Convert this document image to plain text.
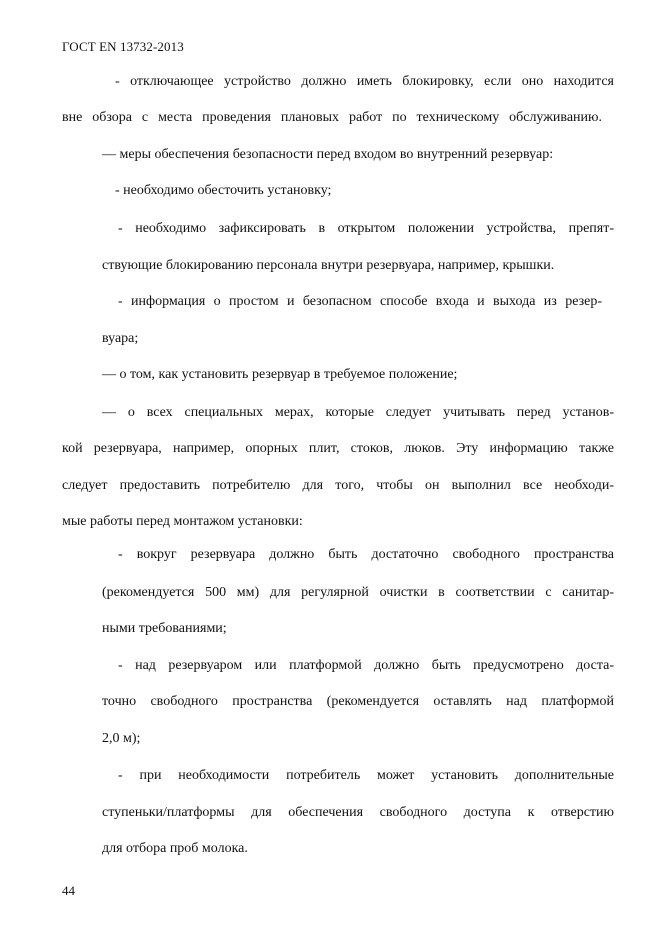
ГОСТ EN 13732-2013
- отключающее устройство должно иметь блокировку, если оно находится
вне обзора с места проведения плановых работ по техническому обслуживанию.
— меры обеспечения безопасности перед входом во внутренний резервуар:
- необходимо обесточить установку;
- необходимо зафиксировать в открытом положении устройства, препят-
ствующие блокированию персонала внутри резервуара, например, крышки.
- информация о простом и безопасном способе входа и выхода из резер-
вуара;
— о том, как установить резервуар в требуемое положение;
— о всех специальных мерах, которые следует учитывать перед установ-
кой резервуара, например, опорных плит, стоков, люков. Эту информацию также
следует предоставить потребителю для того, чтобы он выполнил все необходи-
мые работы перед монтажом установки:
- вокруг резервуара должно быть достаточно свободного пространства
(рекомендуется 500 мм) для регулярной очистки в соответствии с санитар-
ными требованиями;
- над резервуаром или платформой должно быть предусмотрено доста-
точно свободного пространства (рекомендуется оставлять над платформой
2,0 м);
- при необходимости потребитель может установить дополнительные
ступеньки/платформы для обеспечения свободного доступа к отверстию
для отбора проб молока.
44
